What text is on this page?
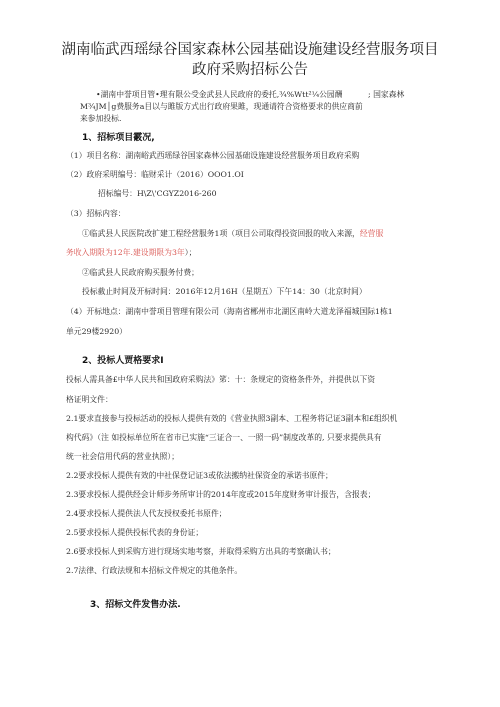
湖南临武西瑶绿谷国家森林公园基础设施建设经营服务项目
政府采购招标公告
•湖南中誉项目管•理有限公受金武县人民政府的委托,¾%Wtt²¼公园酬	; 国家森林
M¾JM│g费服务a目以与雎版方式出行政府果雎，现通请符合资格要求的供应商前
来参加投标.
1、招标项目霰况,
（1）项目名称：湖南峪武西瑶绿谷国家森林公园基础设施建设经营服务项目政府采购
（2）政府采明编号：临财采计（2016）OOO1.OI
招标编号：H\Z\'CGYZ2016-260
（3）招标内容：
①临武县人民医院改扩建工程经营服务1项（项目公司取得投资回报的收入来源，经营服
务收入期限为12年.建设期限为3年）；
②临武县人民政府购买服务付费；
投标截止时间及开标时间：2016年12月16H（星期五）下午14：30（北京时间）
（4）开标地点：湖南中誉项目管理有限公司（海南省郴州市北湖区南岭大道龙泽福城国际1栋1
单元29楼2920）
2、投标人贾格要求Ⅰ
投标人需具备£中华人民共和国政府采购法》笫：十：条规定的资格条件外，并提供以下资
格证明文件：
2.1要求直接参与投标活动的投标人提供有效的《营业执照3副本、工程务将记证3副本和£组织机
构代码》（注 如投标单位所在省市已实施“三证合一、一照一码”制度改革的, 只要求提供具有
统一社会信用代码的营业执照）；
2.2要求投标人提供有效的中社保登记证3或依法搬纳社保资金的承诺书原件；
2.3要求投标人提供经会计师步务所审计的2014年度或2015年度财务审计报告，含报表；
2.4要求投标人提供法人代友授权委托书原件；
2.5要求投标人提供投标代表的身份证；
2.6要求投标人到采购方进行现场实地考察，并取得采购方出具的考察确认书；
2.7法律、行政法规和本招标文件规定的其他条件。
3、招标文件发售办法.
